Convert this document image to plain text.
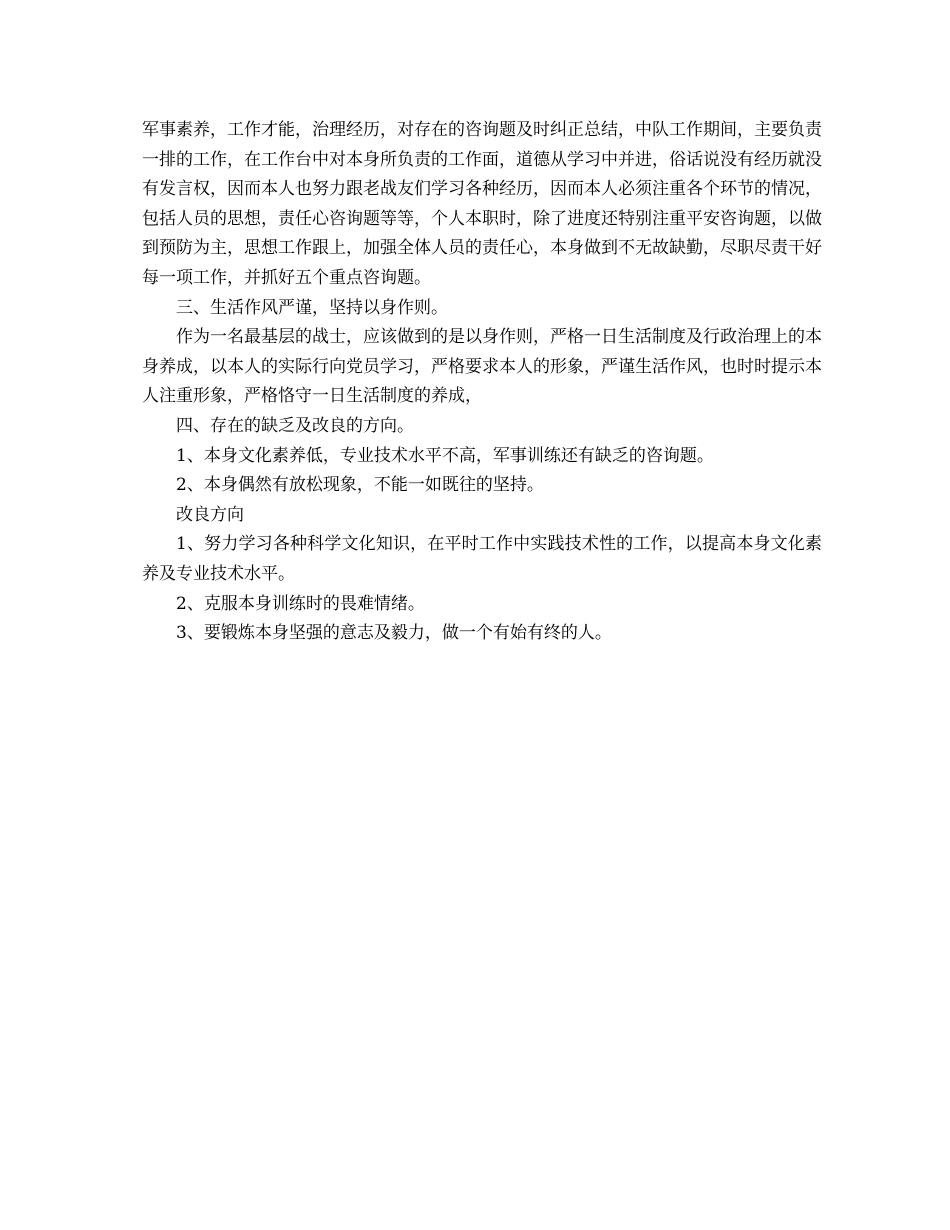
军事素养，工作才能，治理经历，对存在的咨询题及时纠正总结，中队工作期间，主要负责一排的工作，在工作台中对本身所负责的工作面，道德从学习中并进，俗话说没有经历就没有发言权，因而本人也努力跟老战友们学习各种经历，因而本人必须注重各个环节的情况，包括人员的思想，责任心咨询题等等，个人本职时，除了进度还特别注重平安咨询题，以做到预防为主，思想工作跟上，加强全体人员的责任心，本身做到不无故缺勤，尽职尽责干好每一项工作，并抓好五个重点咨询题。

三、生活作风严谨，坚持以身作则。

作为一名最基层的战士，应该做到的是以身作则，严格一日生活制度及行政治理上的本身养成，以本人的实际行向党员学习，严格要求本人的形象，严谨生活作风，也时时提示本人注重形象，严格恪守一日生活制度的养成，

四、存在的缺乏及改良的方向。

1、本身文化素养低，专业技术水平不高，军事训练还有缺乏的咨询题。

2、本身偶然有放松现象，不能一如既往的坚持。

改良方向

1、努力学习各种科学文化知识，在平时工作中实践技术性的工作，以提高本身文化素养及专业技术水平。

2、克服本身训练时的畏难情绪。

3、要锻炼本身坚强的意志及毅力，做一个有始有终的人。
